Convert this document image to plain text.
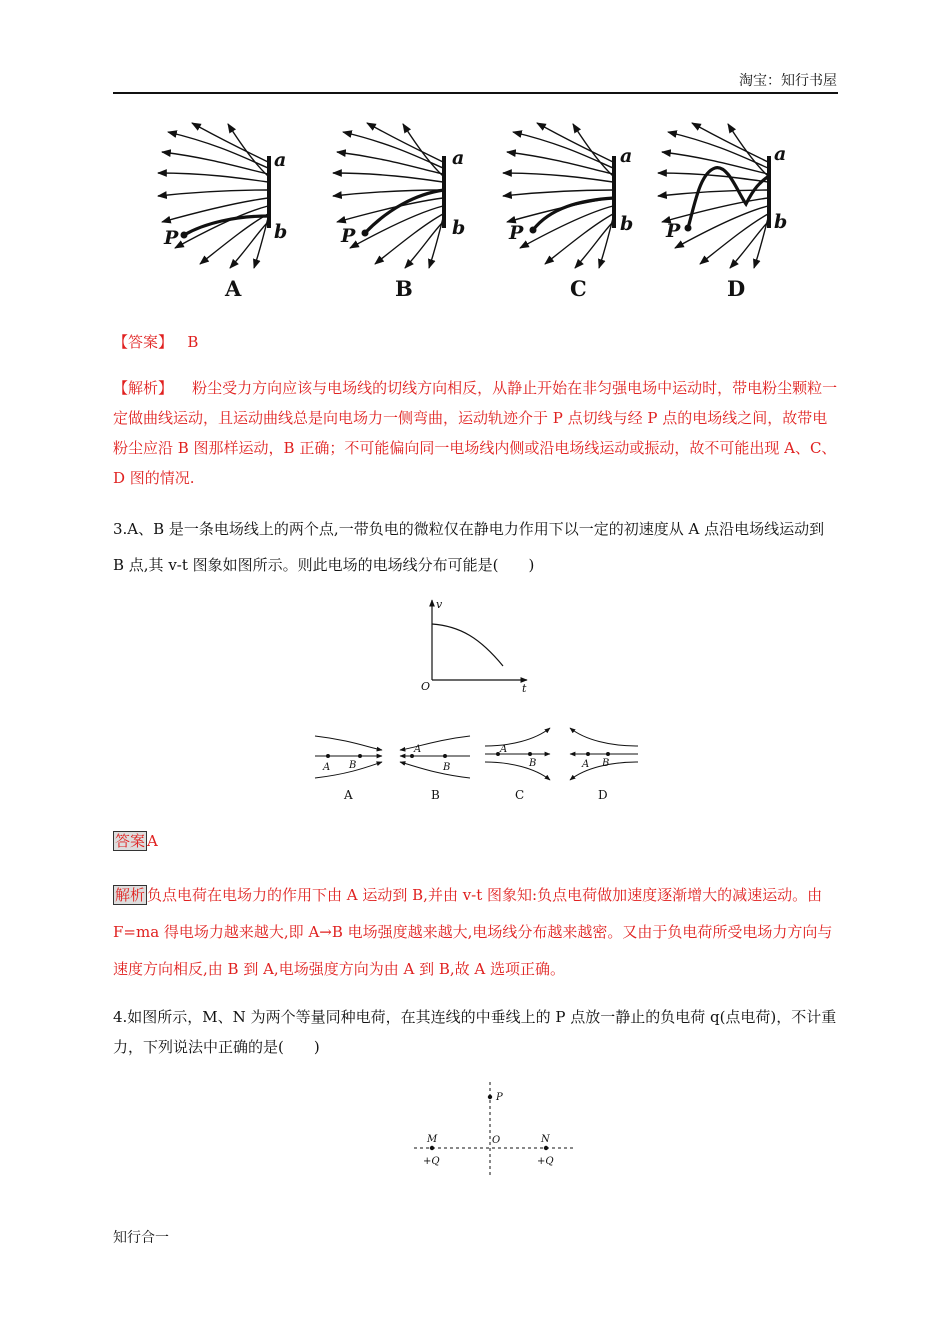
淘宝：知行书屋
P
a
b	P
a
b P
a
b P
a
b
A	B	C	D
【答案】 B
【解析】 粉尘受力方向应该与电场线的切线方向相反，从静止开始在非匀强电场中运动时，带电粉尘颗粒一定做曲线运动，且运动曲线总是向电场力一侧弯曲，运动轨迹介于 P 点切线与经 P 点的电场线之间，故带电粉尘应沿 B 图那样运动，B 正确；不可能偏向同一电场线内侧或沿电场线运动或振动，故不可能出现 A、C、D 图的情况.
3.A、B 是一条电场线上的两个点,一带负电的微粒仅在静电力作用下以一定的初速度从 A 点沿电场线运动到 B 点,其 v-t 图象如图所示。则此电场的电场线分布可能是(　　)
v
t
O
A B
A
B
A
B	A B
A	B	C	D
答案 A
解析 负点电荷在电场力的作用下由 A 运动到 B,并由 v-t 图象知:负点电荷做加速度逐渐增大的减速运动。由 F=ma 得电场力越来越大,即 A→B 电场强度越来越大,电场线分布越来越密。又由于负电荷所受电场力方向与速度方向相反,由 B 到 A,电场强度方向为由 A 到 B,故 A 选项正确。
4.如图所示，M、N 为两个等量同种电荷，在其连线的中垂线上的 P 点放一静止的负电荷 q(点电荷)，不计重力，下列说法中正确的是(　　)
P
M	O	N
+Q	+Q
知行合一
